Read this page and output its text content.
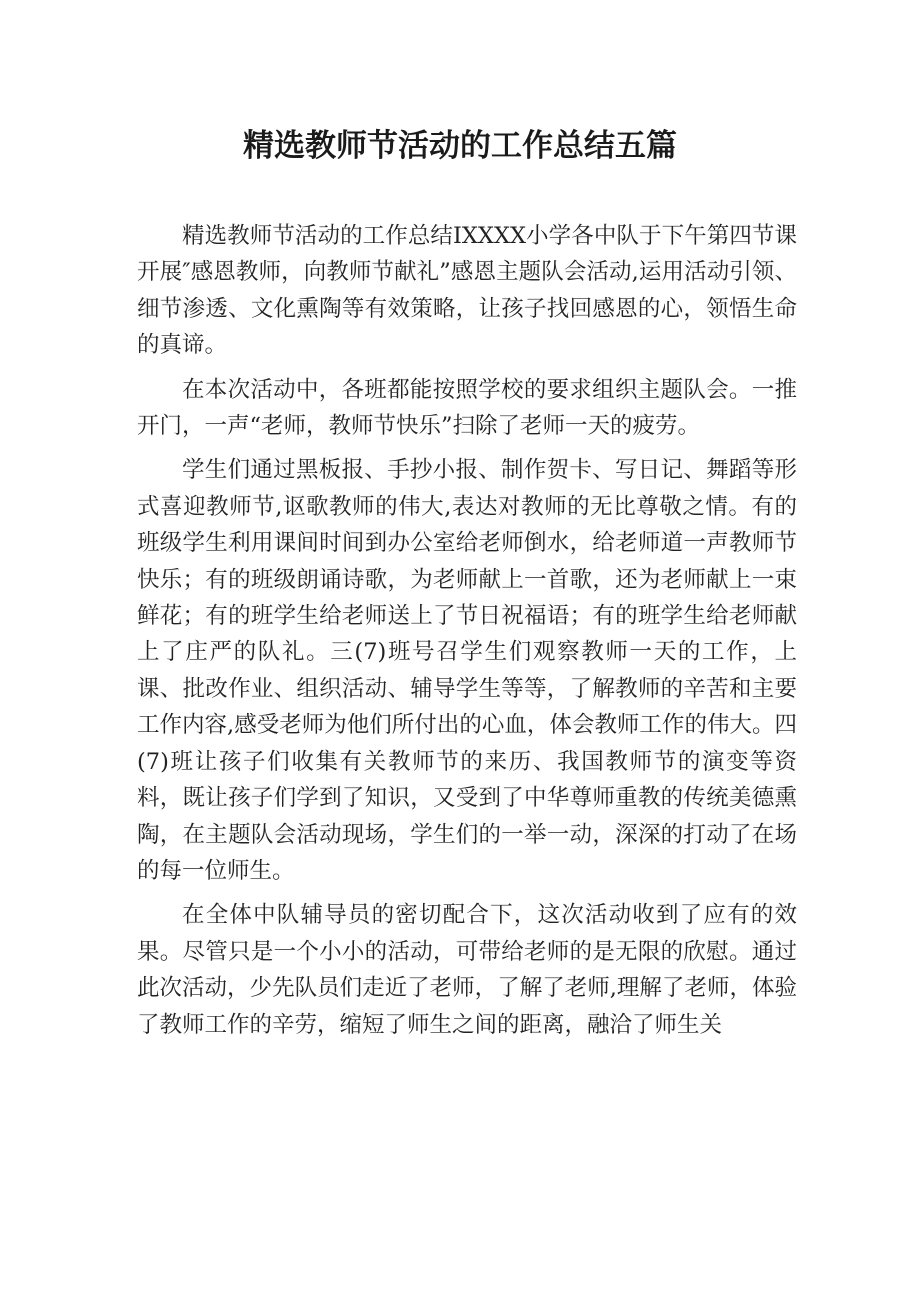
精选教师节活动的工作总结五篇

精选教师节活动的工作总结IXXXX小学各中队于下午第四节课开展″感恩教师，向教师节献礼”感恩主题队会活动,运用活动引领、细节渗透、文化熏陶等有效策略，让孩子找回感恩的心，领悟生命的真谛。

在本次活动中，各班都能按照学校的要求组织主题队会。一推开门，一声“老师，教师节快乐”扫除了老师一天的疲劳。

学生们通过黑板报、手抄小报、制作贺卡、写日记、舞蹈等形式喜迎教师节,讴歌教师的伟大,表达对教师的无比尊敬之情。有的班级学生利用课间时间到办公室给老师倒水，给老师道一声教师节快乐；有的班级朗诵诗歌，为老师献上一首歌，还为老师献上一束鲜花；有的班学生给老师送上了节日祝福语；有的班学生给老师献上了庄严的队礼。三(7)班号召学生们观察教师一天的工作，上课、批改作业、组织活动、辅导学生等等，了解教师的辛苦和主要工作内容,感受老师为他们所付出的心血，体会教师工作的伟大。四(7)班让孩子们收集有关教师节的来历、我国教师节的演变等资料，既让孩子们学到了知识，又受到了中华尊师重教的传统美德熏陶，在主题队会活动现场，学生们的一举一动，深深的打动了在场的每一位师生。

在全体中队辅导员的密切配合下，这次活动收到了应有的效果。尽管只是一个小小的活动，可带给老师的是无限的欣慰。通过此次活动，少先队员们走近了老师，了解了老师,理解了老师，体验了教师工作的辛劳，缩短了师生之间的距离，融洽了师生关
